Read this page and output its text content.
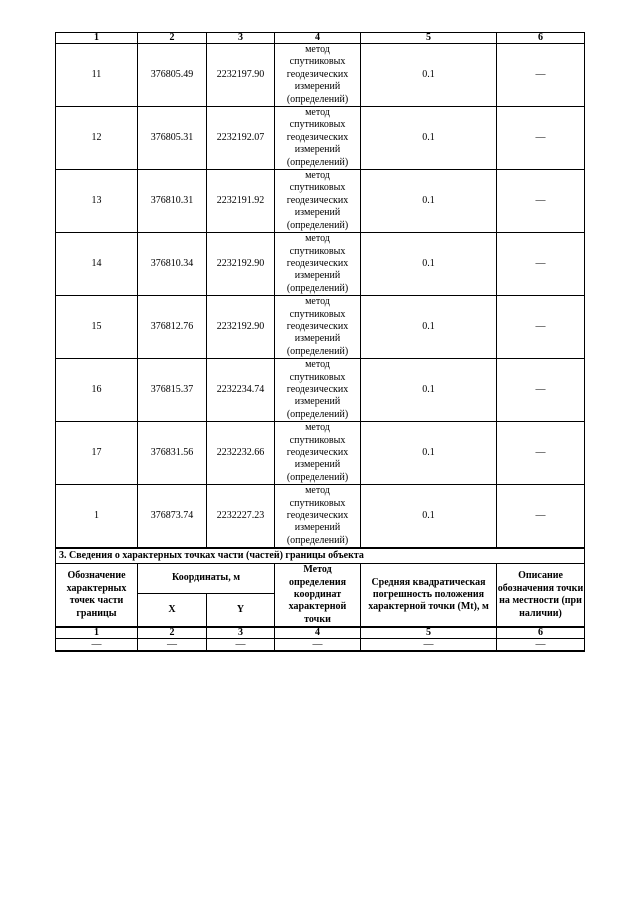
1	2	3	4	5	6
11	376805.49	2232197.90	метод
спутниковых
геодезических
измерений
(определений)	0.1	—
12	376805.31	2232192.07	метод
спутниковых
геодезических
измерений
(определений)	0.1	—
13	376810.31	2232191.92	метод
спутниковых
геодезических
измерений
(определений)	0.1	—
14	376810.34	2232192.90	метод
спутниковых
геодезических
измерений
(определений)	0.1	—
15	376812.76	2232192.90	метод
спутниковых
геодезических
измерений
(определений)	0.1	—
16	376815.37	2232234.74	метод
спутниковых
геодезических
измерений
(определений)	0.1	—
17	376831.56	2232232.66	метод
спутниковых
геодезических
измерений
(определений)	0.1	—
1	376873.74	2232227.23	метод
спутниковых
геодезических
измерений
(определений)	0.1	—
3. Сведения о характерных точках части (частей) границы объекта					
Обозначение характерных точек части границы	Координаты, м		Метод определения координат характерной точки	Средняя квадратическая погрешность положения характерной точки (Mt), м	Описание обозначения точки на местности (при наличии)
	X	Y			
1	2	3	4	5	6
—	—	—	—	—	—
